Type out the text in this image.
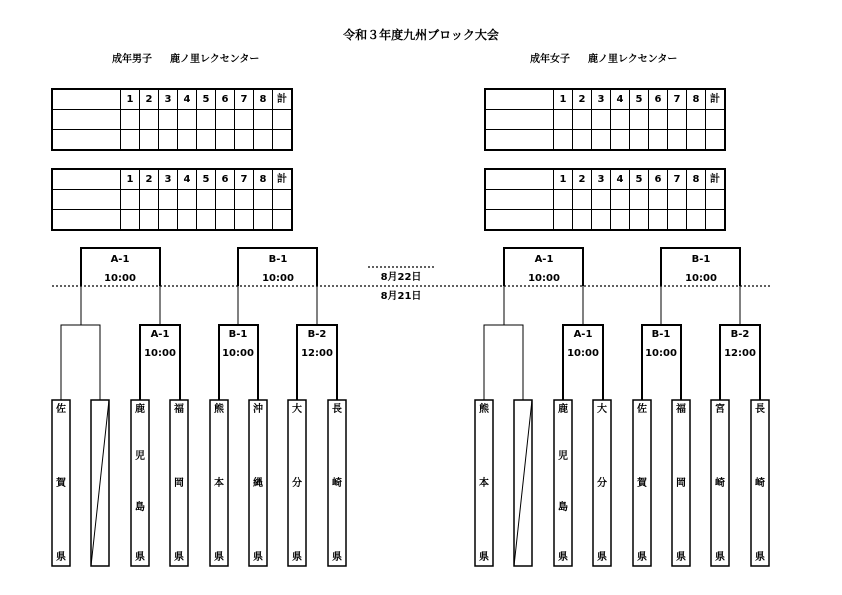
令和３年度九州ブロック大会
成年男子 鹿ノ里レクセンター	成年女子 鹿ノ里レクセンター
	1	2	3	4	5	6	7	8	計

	1	2	3	4	5	6	7	8	計

	1	2	3	4	5	6	7	8	計

	1	2	3	4	5	6	7	8	計

8月22日
8月21日
A-1
10:00
B-1
10:00
A-1
10:00
B-1
10:00
B-2
12:00
佐
賀
県
鹿
児
島
県
福
岡
県
熊
本
県
沖
縄
県
大
分
県
長
崎
県
A-1
10:00
B-1
10:00
A-1
10:00
B-1
10:00
B-2
12:00
熊
本
県
鹿
児
島
県
大
分
県
佐
賀
県
福
岡
県
宮
崎
県
長
崎
県
